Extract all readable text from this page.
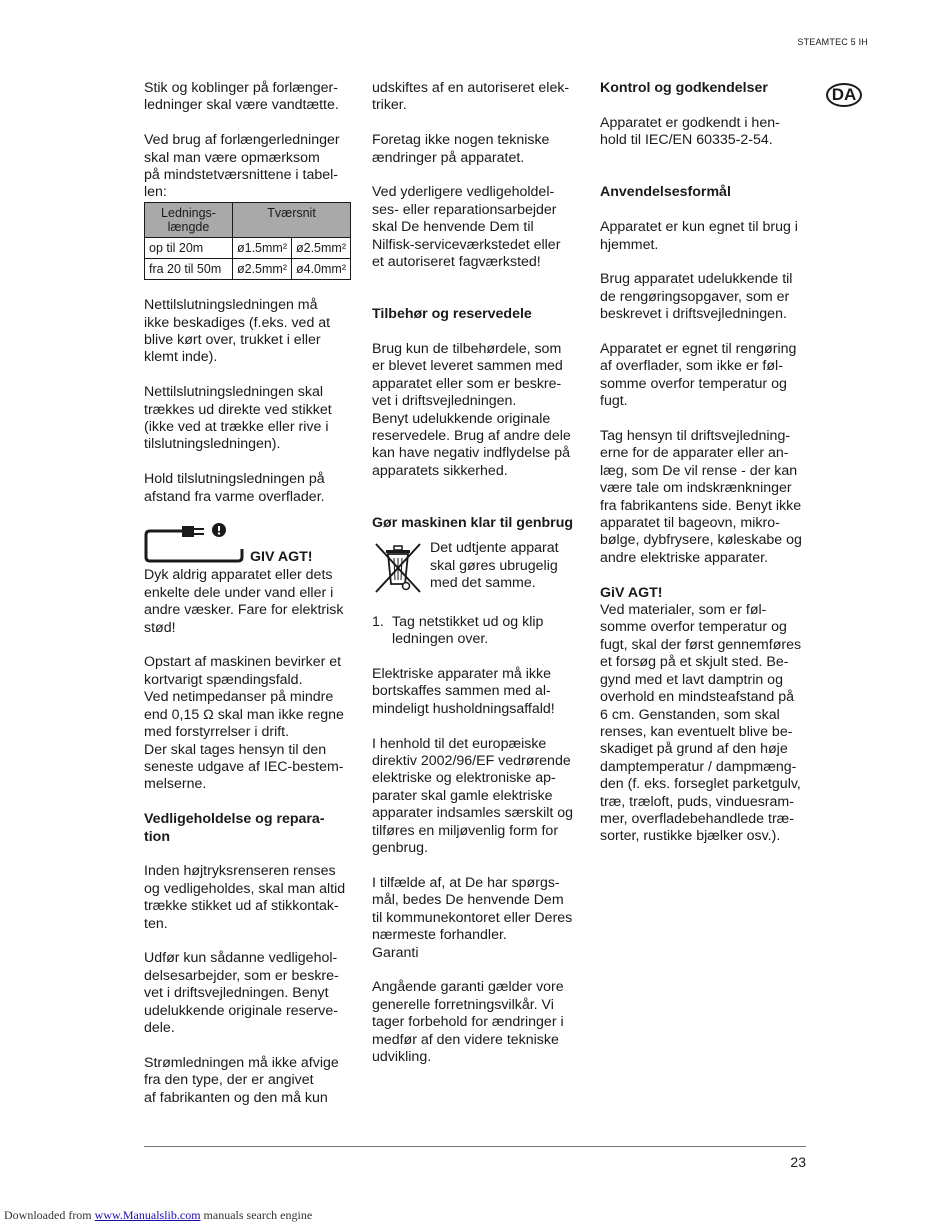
STEAMTEC 5 IH
DA

Stik og koblinger på forlænger-
ledninger skal være vandtætte.

Ved brug af forlængerledninger
skal man være opmærksom
på mindstetværsnittene i tabel-
len:

Lednings-
længde	Tværsnit	
op til 20m	ø1.5mm²	ø2.5mm²
fra 20 til 50m	ø2.5mm²	ø4.0mm²

Nettilslutningsledningen må
ikke beskadiges (f.eks. ved at
blive kørt over, trukket i eller
klemt inde).

Nettilslutningsledningen skal
trækkes ud direkte ved stikket
(ikke ved at trække eller rive i
tilslutningsledningen).

Hold tilslutningsledningen på
afstand fra varme overflader.

GIV AGT!

Dyk aldrig apparatet eller dets
enkelte dele under vand eller i
andre væsker. Fare for elektrisk
stød!

Opstart af maskinen bevirker et
kortvarigt spændingsfald.
Ved netimpedanser på mindre
end 0,15 Ω skal man ikke regne
med forstyrrelser i drift.
Der skal tages hensyn til den
seneste udgave af IEC-bestem-
melserne.

Vedligeholdelse og repara-
tion

Inden højtryksrenseren renses
og vedligeholdes, skal man altid
trække stikket ud af stikkontak-
ten.

Udfør kun sådanne vedligehol-
delsesarbejder, som er beskre-
vet i driftsvejledningen. Benyt
udelukkende originale reserve-
dele.

Strømledningen må ikke afvige
fra den type, der er angivet
af fabrikanten og den må kun

udskiftes af en autoriseret elek-
triker.

Foretag ikke nogen tekniske
ændringer på apparatet.

Ved yderligere vedligeholdel-
ses- eller reparationsarbejder
skal De henvende Dem til
Nilfisk-serviceværkstedet eller
et autoriseret fagværksted!

Tilbehør og reservedele

Brug kun de tilbehørdele, som
er blevet leveret sammen med
apparatet eller som er beskre-
vet i driftsvejledningen.
Benyt udelukkende originale
reservedele. Brug af andre dele
kan have negativ indflydelse på
apparatets sikkerhed.

Gør maskinen klar til genbrug

Det udtjente apparat
skal gøres ubrugelig
med det samme.

1. Tag netstikket ud og klip
ledningen over.

Elektriske apparater må ikke
bortskaffes sammen med al-
mindeligt husholdningsaffald!

I henhold til det europæiske
direktiv 2002/96/EF vedrørende
elektriske og elektroniske ap-
parater skal gamle elektriske
apparater indsamles særskilt og
tilføres en miljøvenlig form for
genbrug.

I tilfælde af, at De har spørgs-
mål, bedes De henvende Dem
til kommunekontoret eller Deres
nærmeste forhandler.
Garanti

Angående garanti gælder vore
generelle forretningsvilkår. Vi
tager forbehold for ændringer i
medfør af den videre tekniske
udvikling.

Kontrol og godkendelser

Apparatet er godkendt i hen-
hold til IEC/EN 60335-2-54.

Anvendelsesformål

Apparatet er kun egnet til brug i
hjemmet.

Brug apparatet udelukkende til
de rengøringsopgaver, som er
beskrevet i driftsvejledningen.

Apparatet er egnet til rengøring
af overflader, som ikke er føl-
somme overfor temperatur og
fugt.

Tag hensyn til driftsvejledning-
erne for de apparater eller an-
læg, som De vil rense - der kan
være tale om indskrænkninger
fra fabrikantens side. Benyt ikke
apparatet til bageovn, mikro-
bølge, dybfrysere, køleskabe og
andre elektriske apparater.

GiV AGT!

Ved materialer, som er føl-
somme overfor temperatur og
fugt, skal der først gennemføres
et forsøg på et skjult sted. Be-
gynd med et lavt damptrin og
overhold en mindsteafstand på
6 cm. Genstanden, som skal
renses, kan eventuelt blive be-
skadiget på grund af den høje
damptemperatur / dampmæng-
den (f. eks. forseglet parketgulv,
træ, træloft, puds, vinduesram-
mer, overfladebehandlede træ-
sorter, rustikke bjælker osv.).

23
Downloaded from www.Manualslib.com manuals search engine
